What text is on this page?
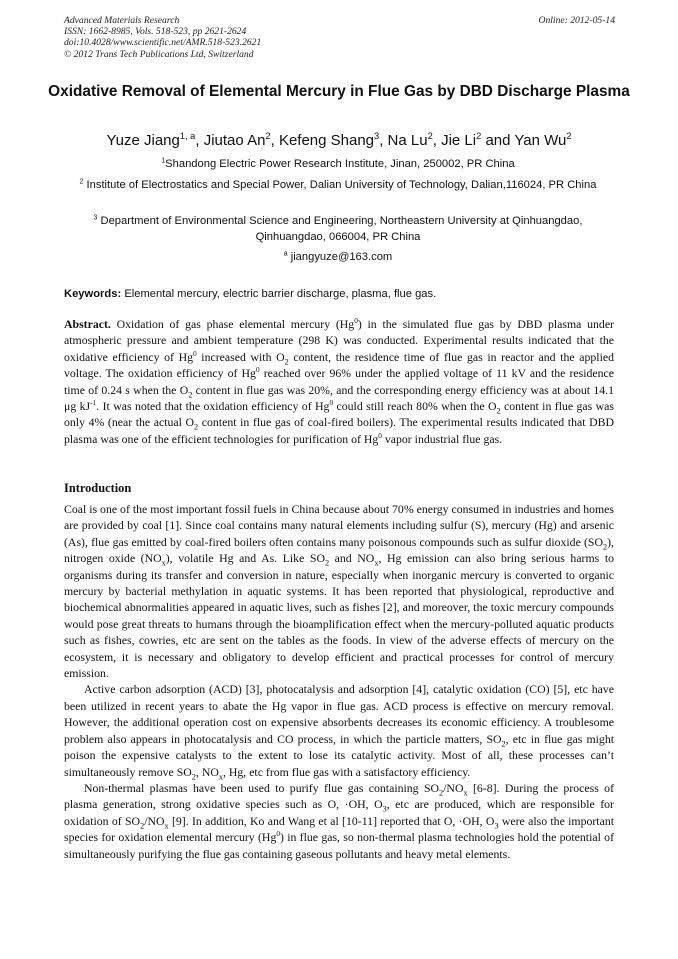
Advanced Materials Research
ISSN: 1662-8985, Vols. 518-523, pp 2621-2624
doi:10.4028/www.scientific.net/AMR.518-523.2621
© 2012 Trans Tech Publications Ltd, Switzerland
Online: 2012-05-14
Oxidative Removal of Elemental Mercury in Flue Gas by DBD Discharge Plasma
Yuze Jiang$^{1, a}$, Jiutao An$^2$, Kefeng Shang$^3$, Na Lu$^2$, Jie Li$^2$ and Yan Wu$^2$
$^1$Shandong Electric Power Research Institute, Jinan, 250002, PR China
$^2$ Institute of Electrostatics and Special Power, Dalian University of Technology, Dalian,116024, PR China
$^3$ Department of Environmental Science and Engineering, Northeastern University at Qinhuangdao, Qinhuangdao, 066004, PR China
$^a$ jiangyuze@163.com
Keywords: Elemental mercury, electric barrier discharge, plasma, flue gas.
Abstract. Oxidation of gas phase elemental mercury (Hg$^0$) in the simulated flue gas by DBD plasma under atmospheric pressure and ambient temperature (298 K) was conducted. Experimental results indicated that the oxidative efficiency of Hg$^0$ increased with $O_2$ content, the residence time of flue gas in reactor and the applied voltage. The oxidation efficiency of Hg$^0$ reached over 96% under the applied voltage of 11 kV and the residence time of 0.24 s when the $O_2$ content in flue gas was 20%, and the corresponding energy efficiency was at about 14.1 μg $kJ^{-1}$. It was noted that the oxidation efficiency of Hg$^0$ could still reach 80% when the $O_2$ content in flue gas was only 4% (near the actual $O_2$ content in flue gas of coal-fired boilers). The experimental results indicated that DBD plasma was one of the efficient technologies for purification of Hg$^0$ vapor industrial flue gas.
Introduction

Coal is one of the most important fossil fuels in China because about 70% energy consumed in industries and homes are provided by coal [1]. Since coal contains many natural elements including sulfur (S), mercury (Hg) and arsenic (As), flue gas emitted by coal-fired boilers often contains many poisonous compounds such as sulfur dioxide $(SO_2)$, nitrogen oxide $(NO_x)$, volatile Hg and As. Like $SO_2$ and $NO_x$, Hg emission can also bring serious harms to organisms during its transfer and conversion in nature, especially when inorganic mercury is converted to organic mercury by bacterial methylation in aquatic systems. It has been reported that physiological, reproductive and biochemical abnormalities appeared in aquatic lives, such as fishes [2], and moreover, the toxic mercury compounds would pose great threats to humans through the bioamplification effect when the mercury-polluted aquatic products such as fishes, cowries, etc are sent on the tables as the foods. In view of the adverse effects of mercury on the ecosystem, it is necessary and obligatory to develop efficient and practical processes for control of mercury emission.

Active carbon adsorption (ACD) [3], photocatalysis and adsorption [4], catalytic oxidation (CO) [5], etc have been utilized in recent years to abate the Hg vapor in flue gas. ACD process is effective on mercury removal. However, the additional operation cost on expensive absorbents decreases its economic efficiency. A troublesome problem also appears in photocatalysis and CO process, in which the particle matters, $SO_2$, etc in flue gas might poison the expensive catalysts to the extent to lose its catalytic activity. Most of all, these processes can’t simultaneously remove $SO_2$, $NO_x$, Hg, etc from flue gas with a satisfactory efficiency.

Non-thermal plasmas have been used to purify flue gas containing $SO_2/NO_x$ [6-8]. During the process of plasma generation, strong oxidative species such as O, ·OH, $O_3$, etc are produced, which are responsible for oxidation of $SO_2/NO_x$ [9]. In addition, Ko and Wang et al [10-11] reported that O, ·OH, $O_3$ were also the important species for oxidation elemental mercury (Hg$^0$) in flue gas, so non-thermal plasma technologies hold the potential of simultaneously purifying the flue gas containing gaseous pollutants and heavy metal elements.
